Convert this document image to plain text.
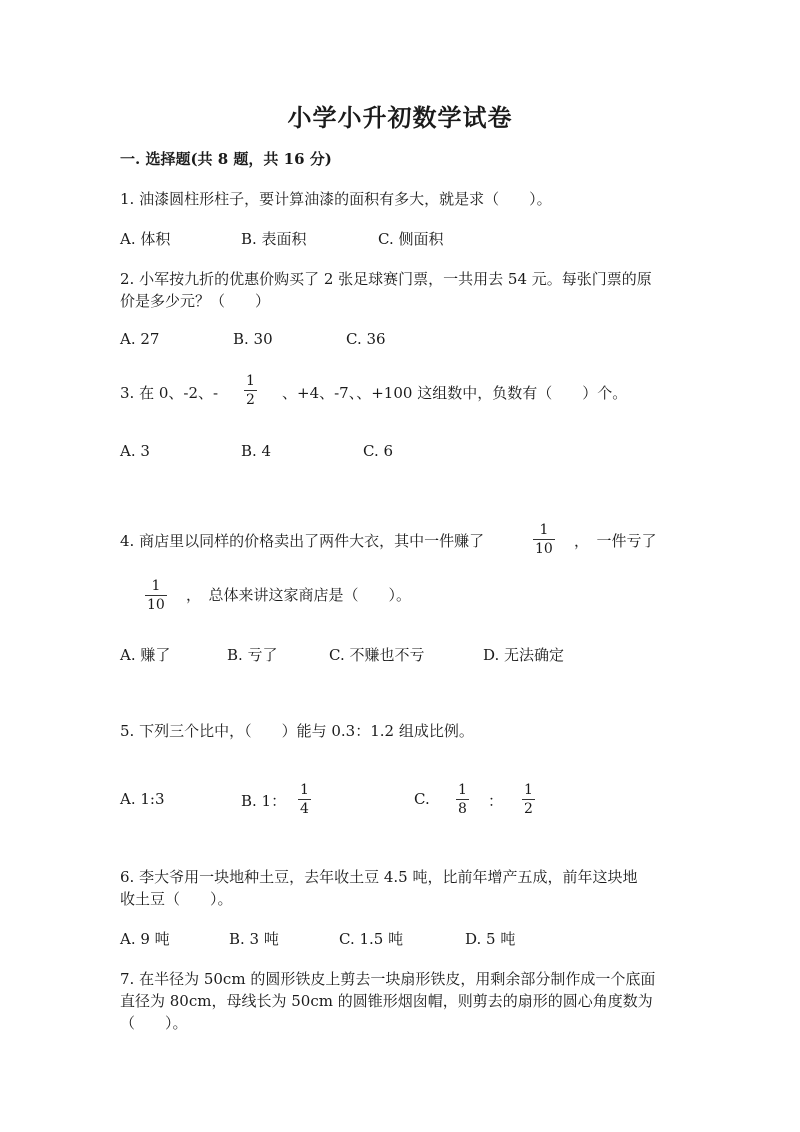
小学小升初数学试卷
一. 选择题(共 8 题，共 16 分)
1. 油漆圆柱形柱子，要计算油漆的面积有多大，就是求（　　）。
A. 体积	B. 表面积	C. 侧面积
2. 小军按九折的优惠价购买了 2 张足球赛门票，一共用去 54 元。每张门票的原
价是多少元？（　　）
A. 27	B. 30	C. 36
3. 在 0、-2、-
1
2 、+4、-7、、+100 这组数中，负数有（　　）个。
A. 3	B. 4	C. 6
4. 商店里以同样的价格卖出了两件大衣，其中一件赚了
1
10 ，　一件亏了
1
10
，　总体来讲这家商店是（　　）。
A. 赚了	B. 亏了	C. 不赚也不亏	D. 无法确定
5. 下列三个比中，（　　）能与 0.3：1.2 组成比例。
A. 1:3	B. 1：
1
4
C. 1
8 ：
1
2
6. 李大爷用一块地种土豆，去年收土豆 4.5 吨，比前年增产五成，前年这块地
收土豆（　　）。
A. 9 吨	B. 3 吨	C. 1.5 吨	D. 5 吨
7. 在半径为 50cm 的圆形铁皮上剪去一块扇形铁皮，用剩余部分制作成一个底面
直径为 80cm，母线长为 50cm 的圆锥形烟囱帽，则剪去的扇形的圆心角度数为
（　　）。
